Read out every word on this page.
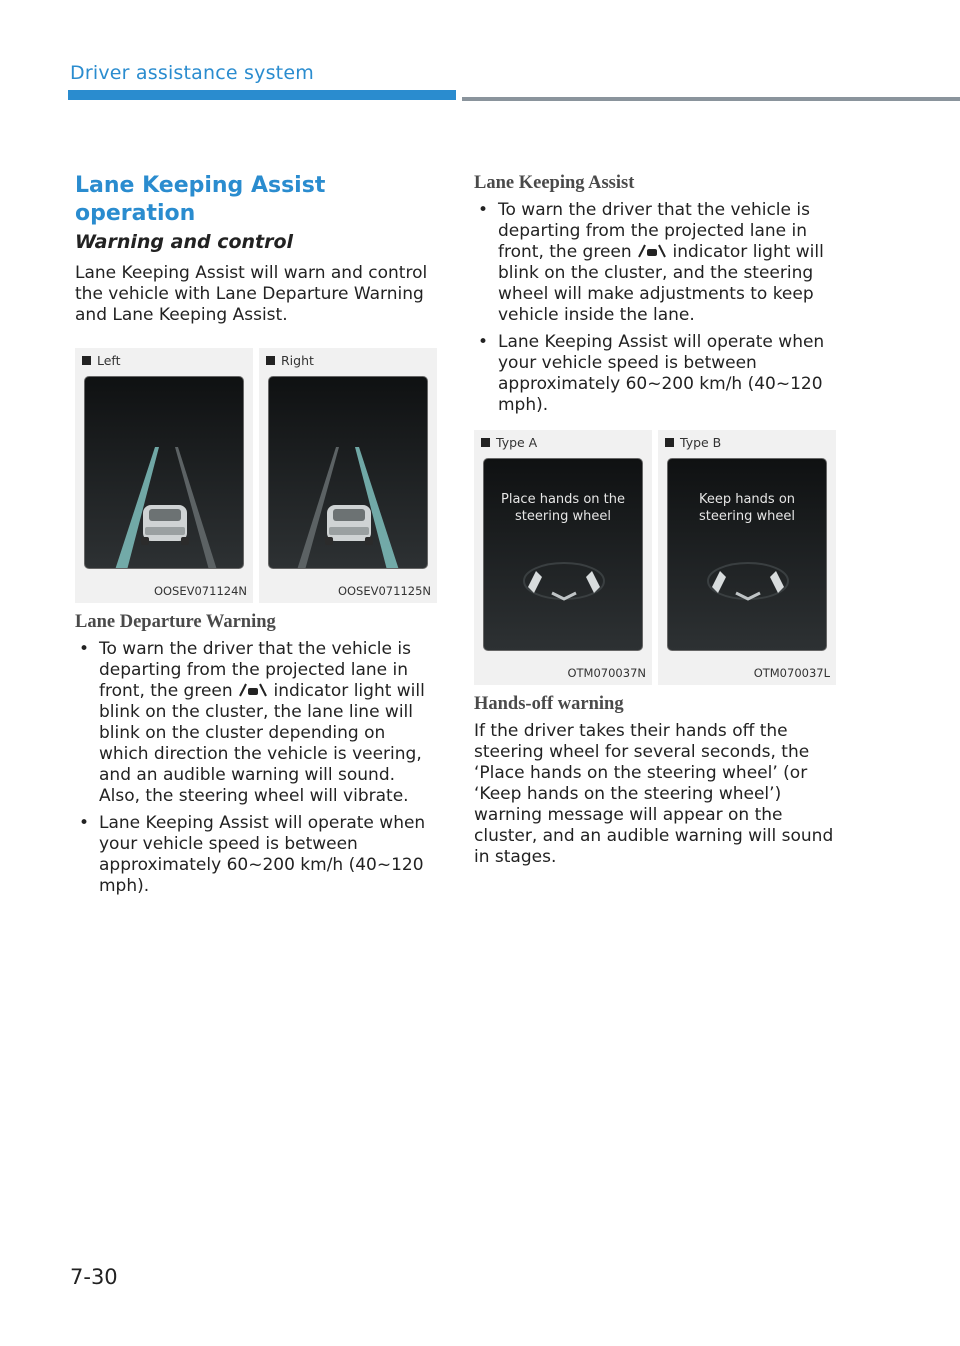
Driver assistance system
Lane Keeping Assist operation
Warning and control
Lane Keeping Assist will warn and control the vehicle with Lane Departure Warning and Lane Keeping Assist.
Left
OOSEV071124N
Right
OOSEV071125N
Lane Departure Warning
• To warn the driver that the vehicle is departing from the projected lane in front, the green  indicator light will blink on the cluster, the lane line will blink on the cluster depending on which direction the vehicle is veering, and an audible warning will sound. Also, the steering wheel will vibrate.
• Lane Keeping Assist will operate when your vehicle speed is between approximately 60~200 km/h (40~120 mph).
Lane Keeping Assist
• To warn the driver that the vehicle is departing from the projected lane in front, the green  indicator light will blink on the cluster, and the steering wheel will make adjustments to keep vehicle inside the lane.
• Lane Keeping Assist will operate when your vehicle speed is between approximately 60~200 km/h (40~120 mph).
Type A
Place hands on the steering wheel
OTM070037N
Type B
Keep hands on steering wheel
OTM070037L
Hands-off warning
If the driver takes their hands off the steering wheel for several seconds, the ‘Place hands on the steering wheel’ (or ‘Keep hands on the steering wheel’) warning message will appear on the cluster, and an audible warning will sound in stages.
7-30
